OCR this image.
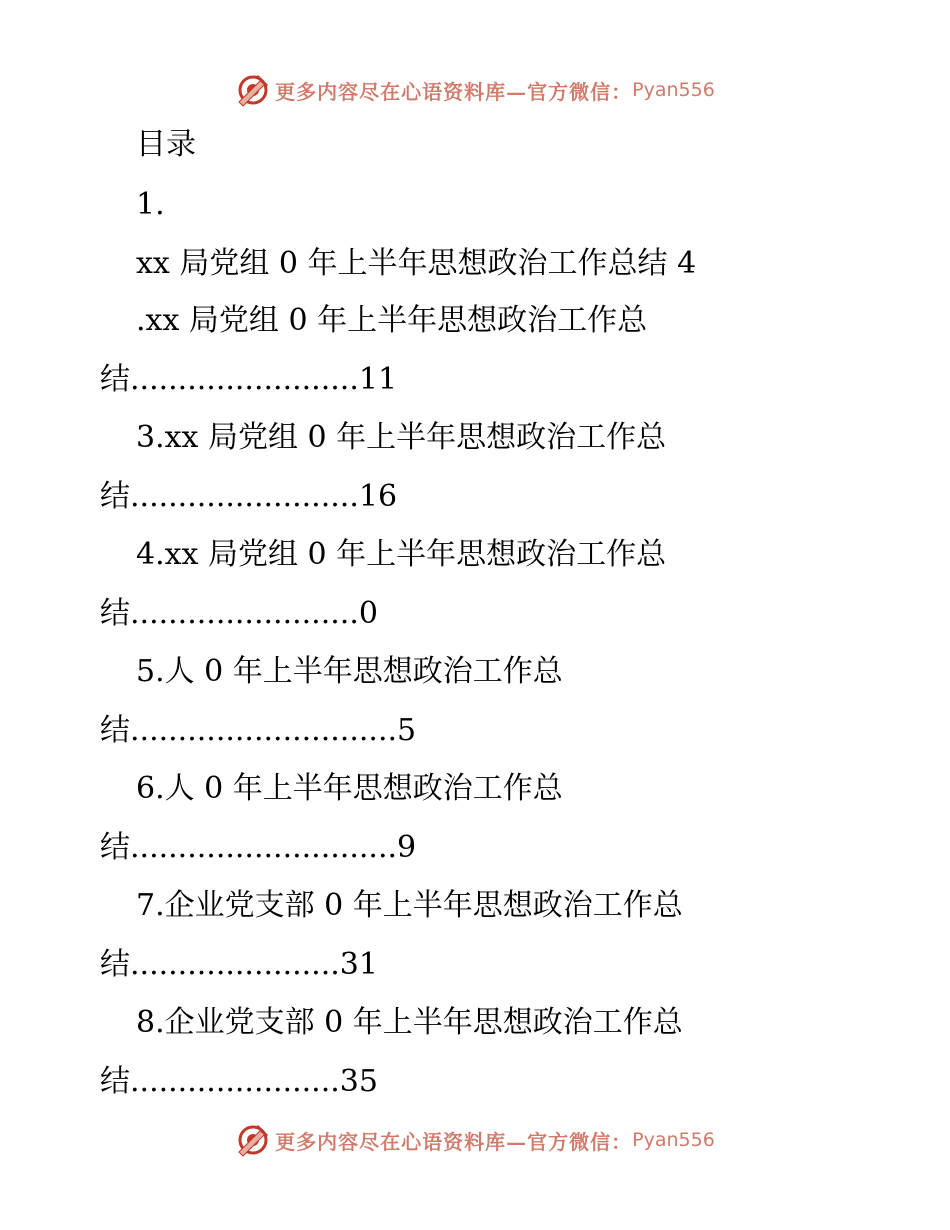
更多内容尽在心语资料库—官方微信： Pyan556
目录
1.
xx 局党组 0 年上半年思想政治工作总结 4
.xx 局党组 0 年上半年思想政治工作总
结........................11
3.xx 局党组 0 年上半年思想政治工作总
结........................16
4.xx 局党组 0 年上半年思想政治工作总
结........................0
5.人 0 年上半年思想政治工作总
结............................5
6.人 0 年上半年思想政治工作总
结............................9
7.企业党支部 0 年上半年思想政治工作总
结......................31
8.企业党支部 0 年上半年思想政治工作总
结......................35
更多内容尽在心语资料库—官方微信： Pyan556
